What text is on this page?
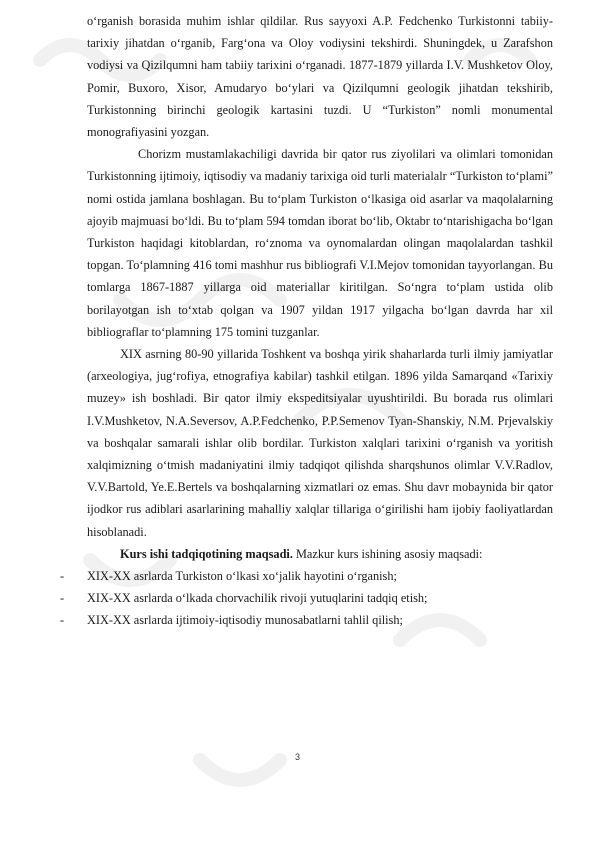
o‘rganish borasida muhim ishlar qildilar. Rus sayyoxi A.P. Fedchenko Turkistonni tabiiy-tarixiy jihatdan o‘rganib, Farg‘ona va Oloy vodiysini tekshirdi. Shuningdek, u Zarafshon vodiysi va Qizilqumni ham tabiiy tarixini o‘rganadi. 1877-1879 yillarda I.V. Mushketov Oloy, Pomir, Buxoro, Xisor, Amudaryo bo‘ylari va Qizilqumni geologik jihatdan tekshirib, Turkistonning birinchi geologik kartasini tuzdi. U “Turkiston” nomli monumental monografiyasini yozgan.

Chorizm mustamlakachiligi davrida bir qator rus ziyolilari va olimlari tomonidan Turkistonning ijtimoiy, iqtisodiy va madaniy tarixiga oid turli materialalr “Turkiston to‘plami” nomi ostida jamlana boshlagan. Bu to‘plam Turkiston o‘lkasiga oid asarlar va maqolalarning ajoyib majmuasi bo‘ldi. Bu to‘plam 594 tomdan iborat bo‘lib, Oktabr to‘ntarishigacha bo‘lgan Turkiston haqidagi kitoblardan, ro‘znoma va oynomalardan olingan maqolalardan tashkil topgan. To‘plamning 416 tomi mashhur rus bibliografi V.I.Mejov tomonidan tayyorlangan. Bu tomlarga 1867-1887 yillarga oid materiallar kiritilgan. So‘ngra to‘plam ustida olib borilayotgan ish to‘xtab qolgan va 1907 yildan 1917 yilgacha bo‘lgan davrda har xil bibliograflar to‘plamning 175 tomini tuzganlar.

XIX asrning 80-90 yillarida Toshkent va boshqa yirik shaharlarda turli ilmiy jamiyatlar (arxeologiya, jug‘rofiya, etnografiya kabilar) tashkil etilgan. 1896 yilda Samarqand «Tarixiy muzey» ish boshladi. Bir qator ilmiy ekspeditsiyalar uyushtirildi. Bu borada rus olimlari I.V.Mushketov, N.A.Seversov, A.P.Fedchenko, P.P.Semenov Tyan-Shanskiy, N.M. Prjevalskiy va boshqalar samarali ishlar olib bordilar. Turkiston xalqlari tarixini o‘rganish va yoritish xalqimizning o‘tmish madaniyatini ilmiy tadqiqot qilishda sharqshunos olimlar V.V.Radlov, V.V.Bartold, Ye.E.Bertels va boshqalarning xizmatlari oz emas. Shu davr mobaynida bir qator ijodkor rus adiblari asarlarining mahalliy xalqlar tillariga o‘girilishi ham ijobiy faoliyatlardan hisoblanadi.

Kurs ishi tadqiqotining maqsadi. Mazkur kurs ishining asosiy maqsadi:

- XIX-XX asrlarda Turkiston o‘lkasi xo‘jalik hayotini o‘rganish;
- XIX-XX asrlarda o‘lkada chorvachilik rivoji yutuqlarini tadqiq etish;
- XIX-XX asrlarda ijtimoiy-iqtisodiy munosabatlarni tahlil qilish;
3
